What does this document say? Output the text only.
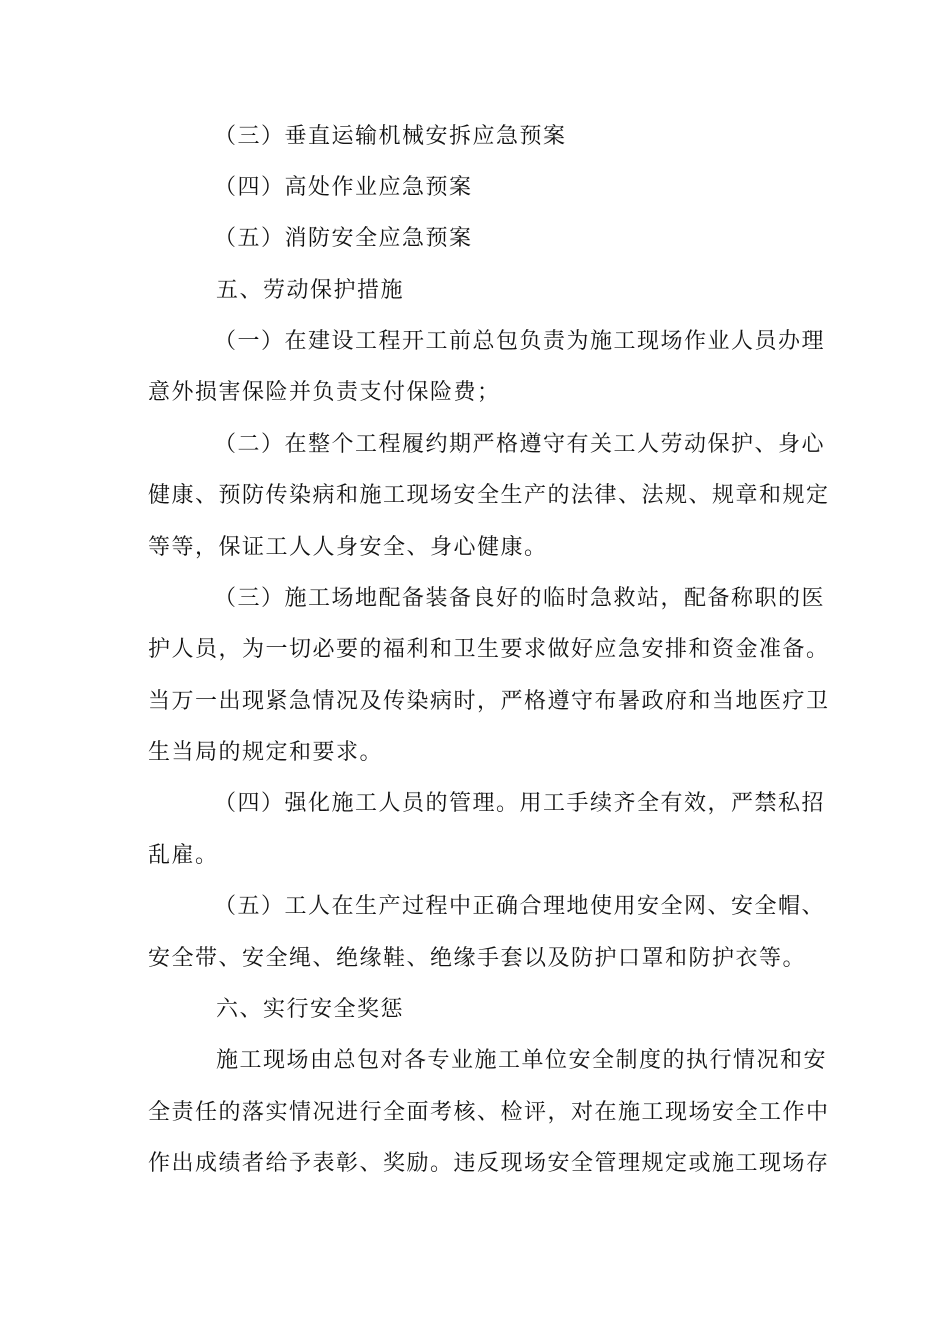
（三）垂直运输机械安拆应急预案
（四）高处作业应急预案
（五）消防安全应急预案
五、劳动保护措施
（一）在建设工程开工前总包负责为施工现场作业人员办理
意外损害保险并负责支付保险费；
（二）在整个工程履约期严格遵守有关工人劳动保护、身心
健康、预防传染病和施工现场安全生产的法律、法规、规章和规定
等等，保证工人人身安全、身心健康。
（三）施工场地配备装备良好的临时急救站，配备称职的医
护人员，为一切必要的福利和卫生要求做好应急安排和资金准备。
当万一出现紧急情况及传染病时，严格遵守布暑政府和当地医疗卫
生当局的规定和要求。
（四）强化施工人员的管理。用工手续齐全有效，严禁私招
乱雇。
（五）工人在生产过程中正确合理地使用安全网、安全帽、
安全带、安全绳、绝缘鞋、绝缘手套以及防护口罩和防护衣等。
六、实行安全奖惩
施工现场由总包对各专业施工单位安全制度的执行情况和安
全责任的落实情况进行全面考核、检评，对在施工现场安全工作中
作出成绩者给予表彰、奖励。违反现场安全管理规定或施工现场存
